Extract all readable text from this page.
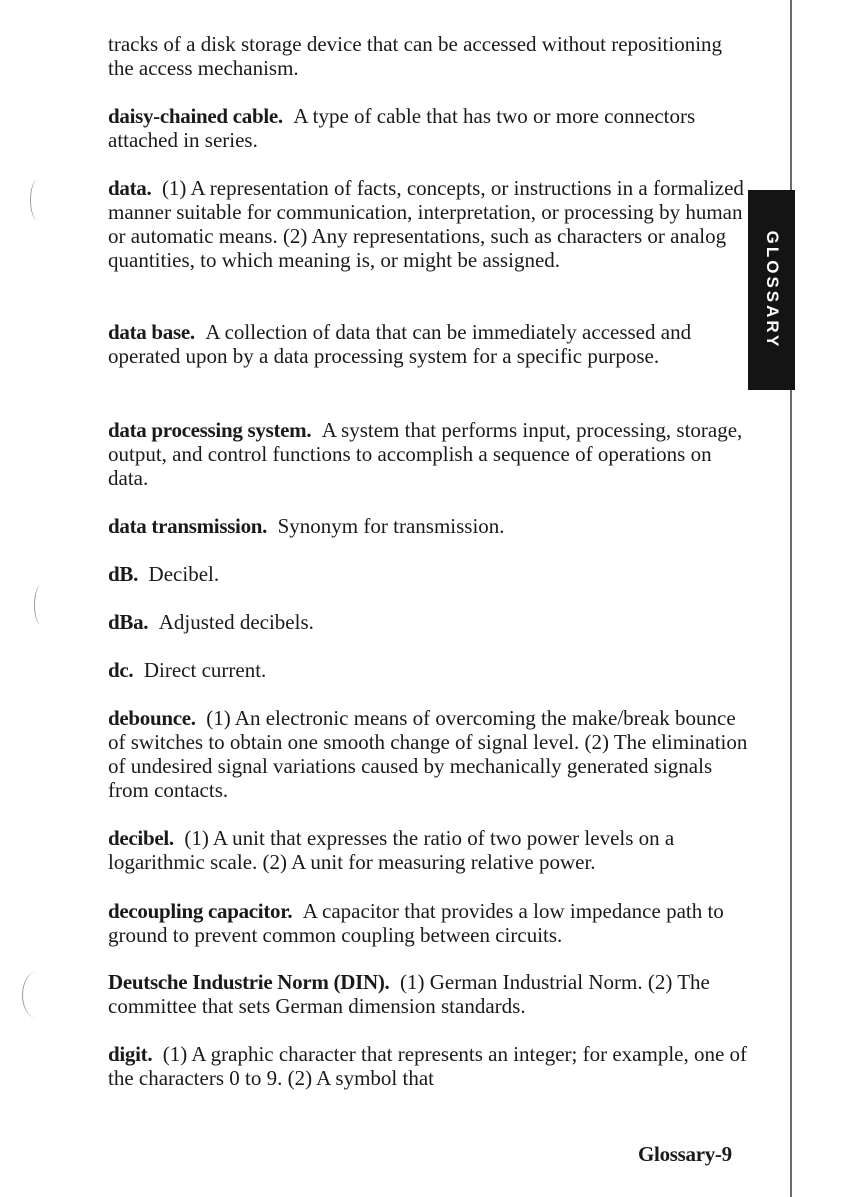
tracks of a disk storage device that can be accessed without repositioning the access mechanism.
daisy-chained cable. A type of cable that has two or more connectors attached in series.
data. (1) A representation of facts, concepts, or instructions in a formalized manner suitable for communication, interpretation, or processing by human or automatic means. (2) Any representations, such as characters or analog quantities, to which meaning is, or might be assigned.
data base. A collection of data that can be immediately accessed and operated upon by a data processing system for a specific purpose.
data processing system. A system that performs input, processing, storage, output, and control functions to accomplish a sequence of operations on data.
data transmission. Synonym for transmission.
dB. Decibel.
dBa. Adjusted decibels.
dc. Direct current.
debounce. (1) An electronic means of overcoming the make/break bounce of switches to obtain one smooth change of signal level. (2) The elimination of undesired signal variations caused by mechanically generated signals from contacts.
decibel. (1) A unit that expresses the ratio of two power levels on a logarithmic scale. (2) A unit for measuring relative power.
decoupling capacitor. A capacitor that provides a low impedance path to ground to prevent common coupling between circuits.
Deutsche Industrie Norm (DIN). (1) German Industrial Norm. (2) The committee that sets German dimension standards.
digit. (1) A graphic character that represents an integer; for example, one of the characters 0 to 9. (2) A symbol that
Glossary-9
GLOSSARY
